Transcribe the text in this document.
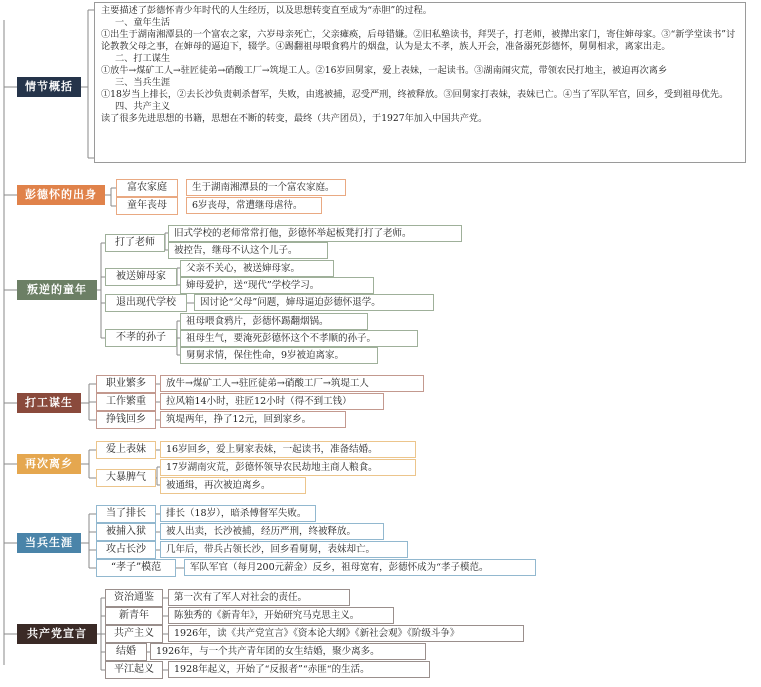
主要描述了彭德怀青少年时代的人生经历，以及思想转变直至成为“赤胆”的过程。
一、童年生活
①出生于湖南湘潭县的一个富农之家，六岁母亲死亡，父亲瘫痪，后母错嫌。②旧私塾读书，拜哭子，打老师，被撵出家门，寄住婶母家。③“新学堂读书”讨论教教父母之事，在婶母的逼迫下，辍学。④踢翻祖母喂食鸦片的烟盘，认为是太不孝，族人开会，准备溺死彭德怀，舅舅相求，离家出走。
二、打工谋生
①放牛→煤矿工人→驻匠徒弟→硝酸工厂→筑堤工人。②16岁回舅家，爱上表妹，一起读书。③湖南闹灾荒，带领农民打地主，被迫再次离乡
三、当兵生涯
①18岁当上排长，②去长沙负责刺杀督军，失败，由逃被捕，忍受严刑，终被释放。③回舅家打表妹，表妹已亡。④当了军队军官，回乡，受到祖母优先。
四、共产主义
读了很多先进思想的书籍，思想在不断的转变，最终（共产团员），于1927年加入中国共产党。
情节概括
彭德怀的出身
富农家庭	生于湖南湘潭县的一个富农家庭。
童年丧母	6岁丧母，常遭继母虐待。
叛逆的童年
打了老师
旧式学校的老师常常打他，彭德怀举起板凳打打了老师。
被控告，继母不认这个儿子。
被送婶母家
父亲不关心，被送婶母家。
婶母爱护，送“现代”学校学习。
退出现代学校	因讨论“父母”问题，婶母逼迫彭德怀退学。
不孝的孙子
祖母喂食鸦片，彭德怀踢翻烟锅。
祖母生气，要淹死彭德怀这个不孝顺的孙子。
舅舅求情，保住性命，9岁被迫离家。
打工谋生
职业繁多	放牛→煤矿工人→驻匠徒弟→硝酸工厂→筑堤工人
工作繁重	拉风箱14小时，驻匠12小时（得不到工钱）
挣钱回乡	筑堤两年，挣了12元，回到家乡。
再次离乡
爱上表妹	16岁回乡，爱上舅家表妹，一起读书，准备结婚。
大暴脾气
17岁湖南灾荒，彭德怀领导农民劫地主商人粮食。
被通缉，再次被迫离乡。
当兵生涯
当了排长	排长（18岁），暗杀傅督军失败。
被捕入狱	被人出卖，长沙被捕，经历严刑，终被释放。
攻占长沙	几年后，带兵占领长沙，回乡看舅舅，表妹却亡。
“孝子”模范	军队军官（每月200元薪金）反乡，祖母宽宥，彭德怀成为“孝子模范。
共产党宣言
资治通鉴	第一次有了军人对社会的责任。
新青年	陈独秀的《新青年》，开始研究马克思主义。
共产主义	1926年，读《共产党宣言》《资本论大纲》《新社会观》《阶级斗争》
结婚	1926年，与一个共产青年团的女生结婚，聚少离多。
平江起义	1928年起义，开始了“反报者”“赤匪“的生活。
